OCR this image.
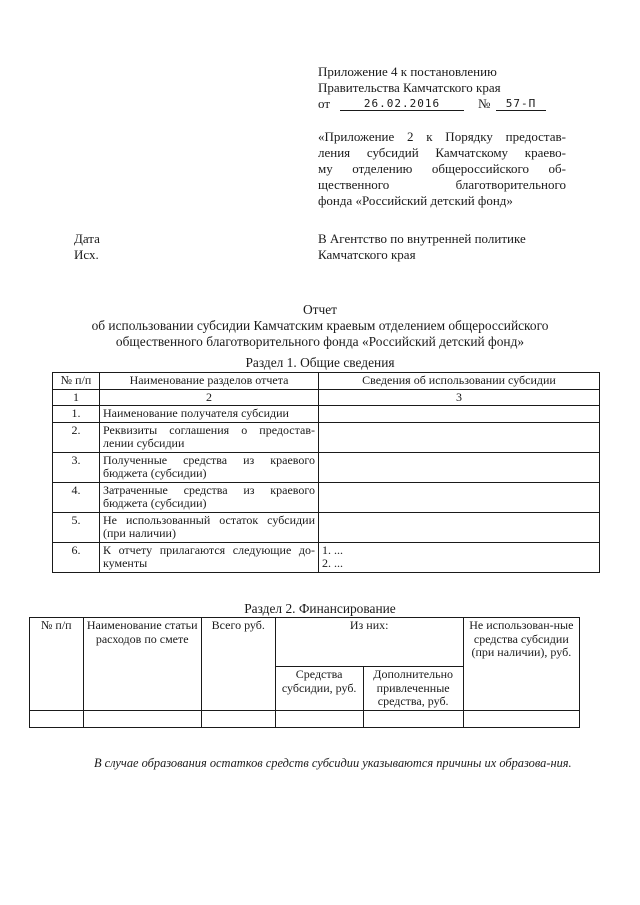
Приложение 4 к постановлению
Правительства Камчатского края
от	26.02.2016	№	57-П
«Приложение 2 к Порядку предостав-
ления субсидий Камчатскому краево-
му отделению общероссийского об-
щественного благотворительного
фонда «Российский детский фонд»
Дата
Исх.
В Агентство по внутренней политике
Камчатского края
Отчет
об использовании субсидии Камчатским краевым отделением общероссийского
общественного благотворительного фонда «Российский детский фонд»
Раздел 1. Общие сведения
№ п/п	Наименование разделов отчета	Сведения об использовании субсидии
1	2	3
1.	Наименование получателя субсидии	
2.	Реквизиты соглашения о предостав-лении субсидии	
3.	Полученные средства из краевого бюджета (субсидии)	
4.	Затраченные средства из краевого бюджета (субсидии)	
5.	Не использованный остаток субсидии (при наличии)	
6.	К отчету прилагаются следующие до-кументы	1. ...
2. ...
Раздел 2. Финансирование
№ п/п	Наименование статьи расходов по смете	Всего руб.	Из них:		Не использован-ные средства субсидии (при наличии), руб.
			Средства субсидии, руб.	Дополнительно привлеченные средства, руб.	

В случае образования остатков средств субсидии указываются причины их образова-ния.
